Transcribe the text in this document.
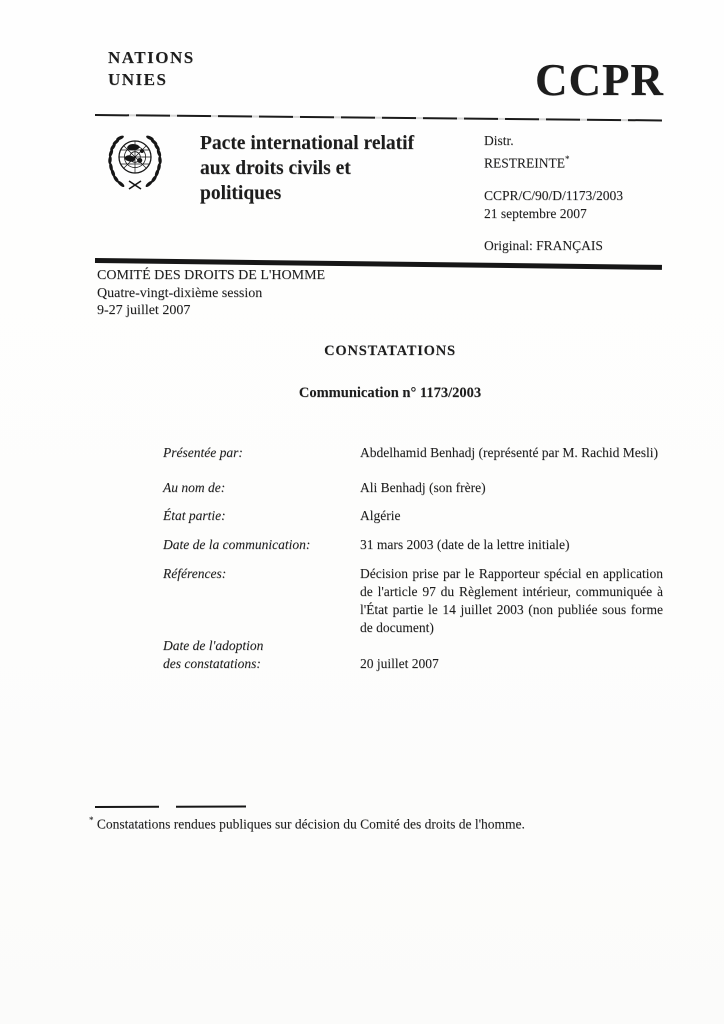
NATIONS
UNIES	CCPR
Pacte international relatif aux droits civils et politiques
Distr.
RESTREINTE*
CCPR/C/90/D/1173/2003
21 septembre 2007
Original: FRANÇAIS
COMITÉ DES DROITS DE L'HOMME
Quatre-vingt-dixième session
9-27 juillet 2007
CONSTATATIONS
Communication n° 1173/2003
Présentée par:	Abdelhamid Benhadj (représenté par M. Rachid Mesli)
Au nom de:	Ali Benhadj (son frère)
État partie:	Algérie
Date de la communication:	31 mars 2003 (date de la lettre initiale)
Références:	Décision prise par le Rapporteur spécial en application de l'article 97 du Règlement intérieur, communiquée à l'État partie le 14 juillet 2003 (non publiée sous forme de document)
Date de l'adoption
des constatations:	20 juillet 2007
* Constatations rendues publiques sur décision du Comité des droits de l'homme.
